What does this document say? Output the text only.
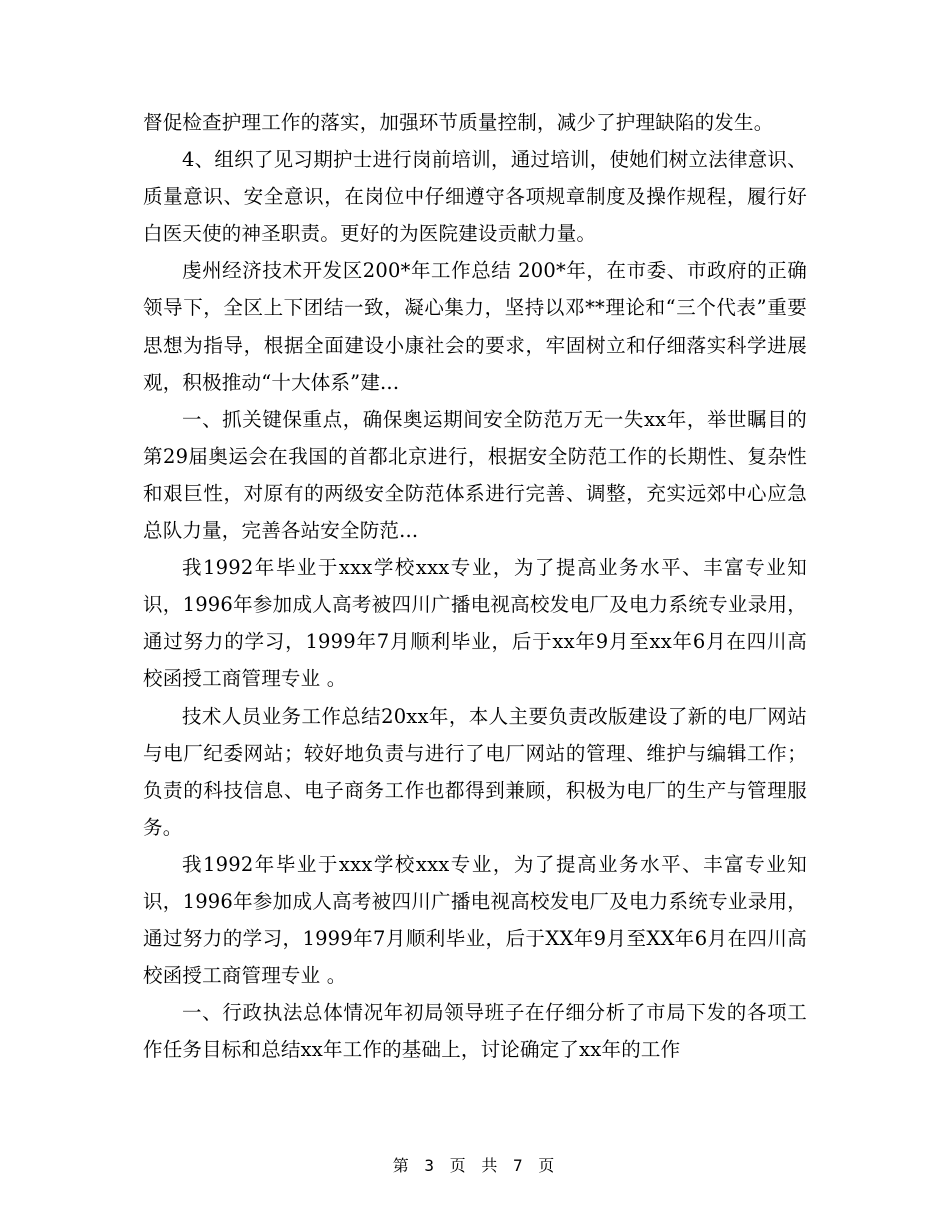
督促检查护理工作的落实，加强环节质量控制，减少了护理缺陷的发生。

4、组织了见习期护士进行岗前培训，通过培训，使她们树立法律意识、质量意识、安全意识，在岗位中仔细遵守各项规章制度及操作规程，履行好白医天使的神圣职责。更好的为医院建设贡献力量。

虔州经济技术开发区200*年工作总结 200*年，在市委、市政府的正确领导下，全区上下团结一致，凝心集力，坚持以邓**理论和“三个代表”重要思想为指导，根据全面建设小康社会的要求，牢固树立和仔细落实科学进展观，积极推动“十大体系”建...

一、抓关键保重点，确保奥运期间安全防范万无一失xx年，举世瞩目的第29届奥运会在我国的首都北京进行，根据安全防范工作的长期性、复杂性和艰巨性，对原有的两级安全防范体系进行完善、调整，充实远郊中心应急总队力量，完善各站安全防范...

我1992年毕业于xxx学校xxx专业，为了提高业务水平、丰富专业知识，1996年参加成人高考被四川广播电视高校发电厂及电力系统专业录用，通过努力的学习，1999年7月顺利毕业，后于xx年9月至xx年6月在四川高校函授工商管理专业 。

技术人员业务工作总结20xx年，本人主要负责改版建设了新的电厂网站与电厂纪委网站；较好地负责与进行了电厂网站的管理、维护与编辑工作；负责的科技信息、电子商务工作也都得到兼顾，积极为电厂的生产与管理服务。

我1992年毕业于xxx学校xxx专业，为了提高业务水平、丰富专业知识，1996年参加成人高考被四川广播电视高校发电厂及电力系统专业录用，通过努力的学习，1999年7月顺利毕业，后于XX年9月至XX年6月在四川高校函授工商管理专业 。

一、行政执法总体情况年初局领导班子在仔细分析了市局下发的各项工作任务目标和总结xx年工作的基础上，讨论确定了xx年的工作

第 3 页 共 7 页
